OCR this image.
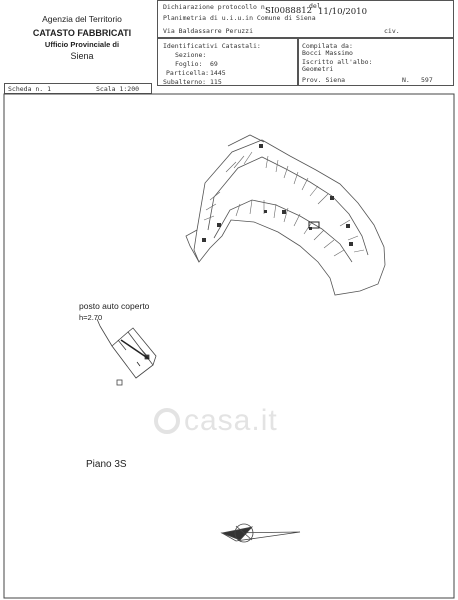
Agenzia del Territorio
CATASTO FABBRICATI
Ufficio Provinciale di
Siena
Dichiarazione protocollo n.
SI0088812
del
11/10/2010
Planimetria di u.i.u.in Comune di Siena
Via Baldassarre Peruzzi	civ.
Identificativi Catastali:
Sezione:
Foglio: 69
Particella: 1445
Subalterno: 115
Compilata da:
Bocci Massimo
Iscritto all'albo:
Geometri
Prov. Siena	N. 597
Scheda n. 1	Scala 1:200
posto auto coperto
h=2.70
Piano 3S
casa.it
